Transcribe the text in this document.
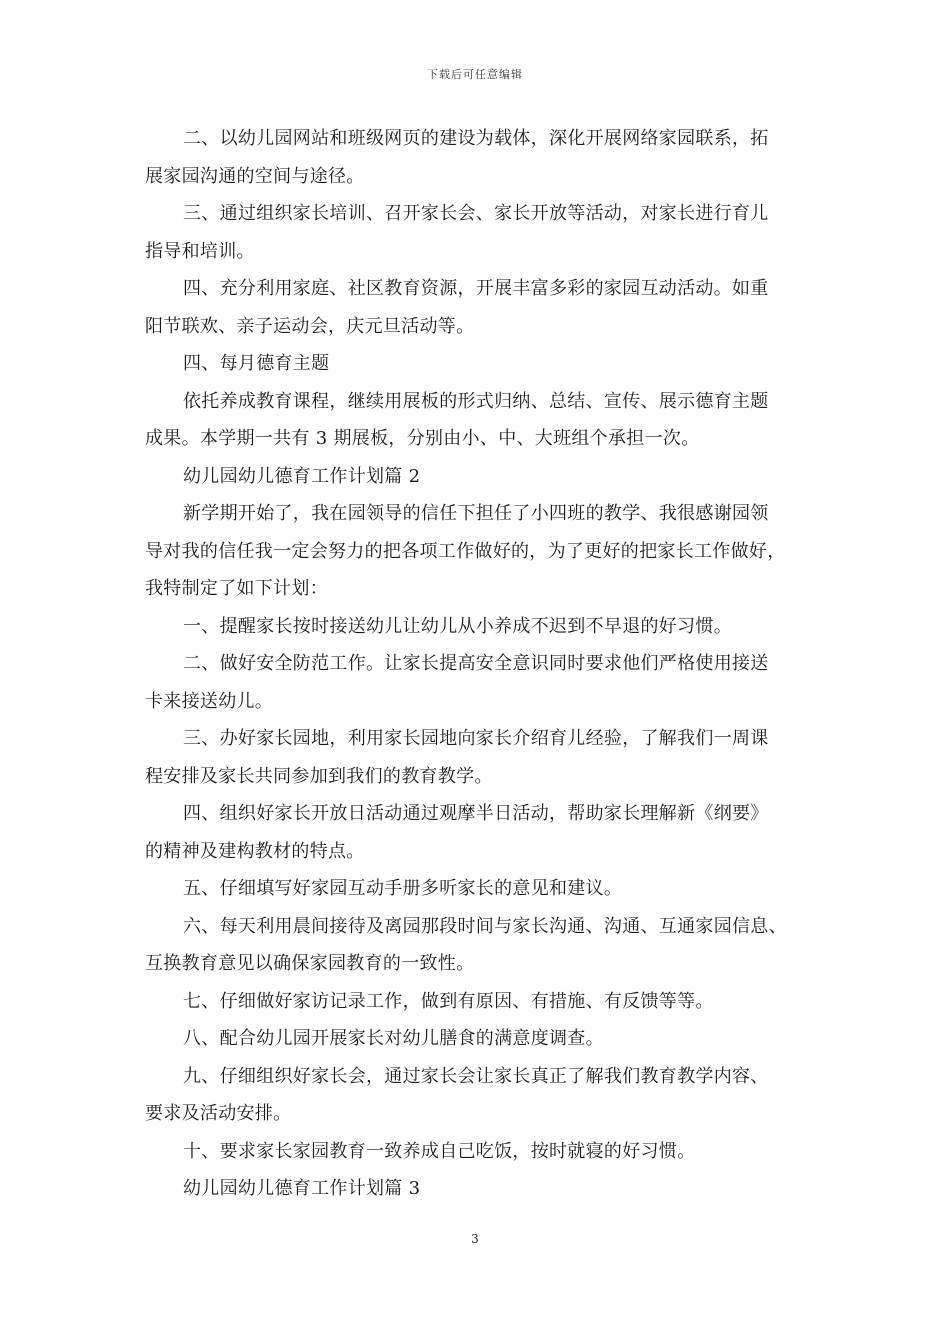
下载后可任意编辑
二、以幼儿园网站和班级网页的建设为载体，深化开展网络家园联系，拓
展家园沟通的空间与途径。
三、通过组织家长培训、召开家长会、家长开放等活动，对家长进行育儿
指导和培训。
四、充分利用家庭、社区教育资源，开展丰富多彩的家园互动活动。如重
阳节联欢、亲子运动会，庆元旦活动等。
四、每月德育主题
依托养成教育课程，继续用展板的形式归纳、总结、宣传、展示德育主题
成果。本学期一共有 3 期展板，分别由小、中、大班组个承担一次。
幼儿园幼儿德育工作计划篇 2
新学期开始了，我在园领导的信任下担任了小四班的教学、我很感谢园领
导对我的信任我一定会努力的把各项工作做好的，为了更好的把家长工作做好，
我特制定了如下计划：
一、提醒家长按时接送幼儿让幼儿从小养成不迟到不早退的好习惯。
二、做好安全防范工作。让家长提高安全意识同时要求他们严格使用接送
卡来接送幼儿。
三、办好家长园地，利用家长园地向家长介绍育儿经验，了解我们一周课
程安排及家长共同参加到我们的教育教学。
四、组织好家长开放日活动通过观摩半日活动，帮助家长理解新《纲要》
的精神及建构教材的特点。
五、仔细填写好家园互动手册多听家长的意见和建议。
六、每天利用晨间接待及离园那段时间与家长沟通、沟通、互通家园信息、
互换教育意见以确保家园教育的一致性。
七、仔细做好家访记录工作，做到有原因、有措施、有反馈等等。
八、配合幼儿园开展家长对幼儿膳食的满意度调查。
九、仔细组织好家长会，通过家长会让家长真正了解我们教育教学内容、
要求及活动安排。
十、要求家长家园教育一致养成自己吃饭，按时就寝的好习惯。
幼儿园幼儿德育工作计划篇 3
3
